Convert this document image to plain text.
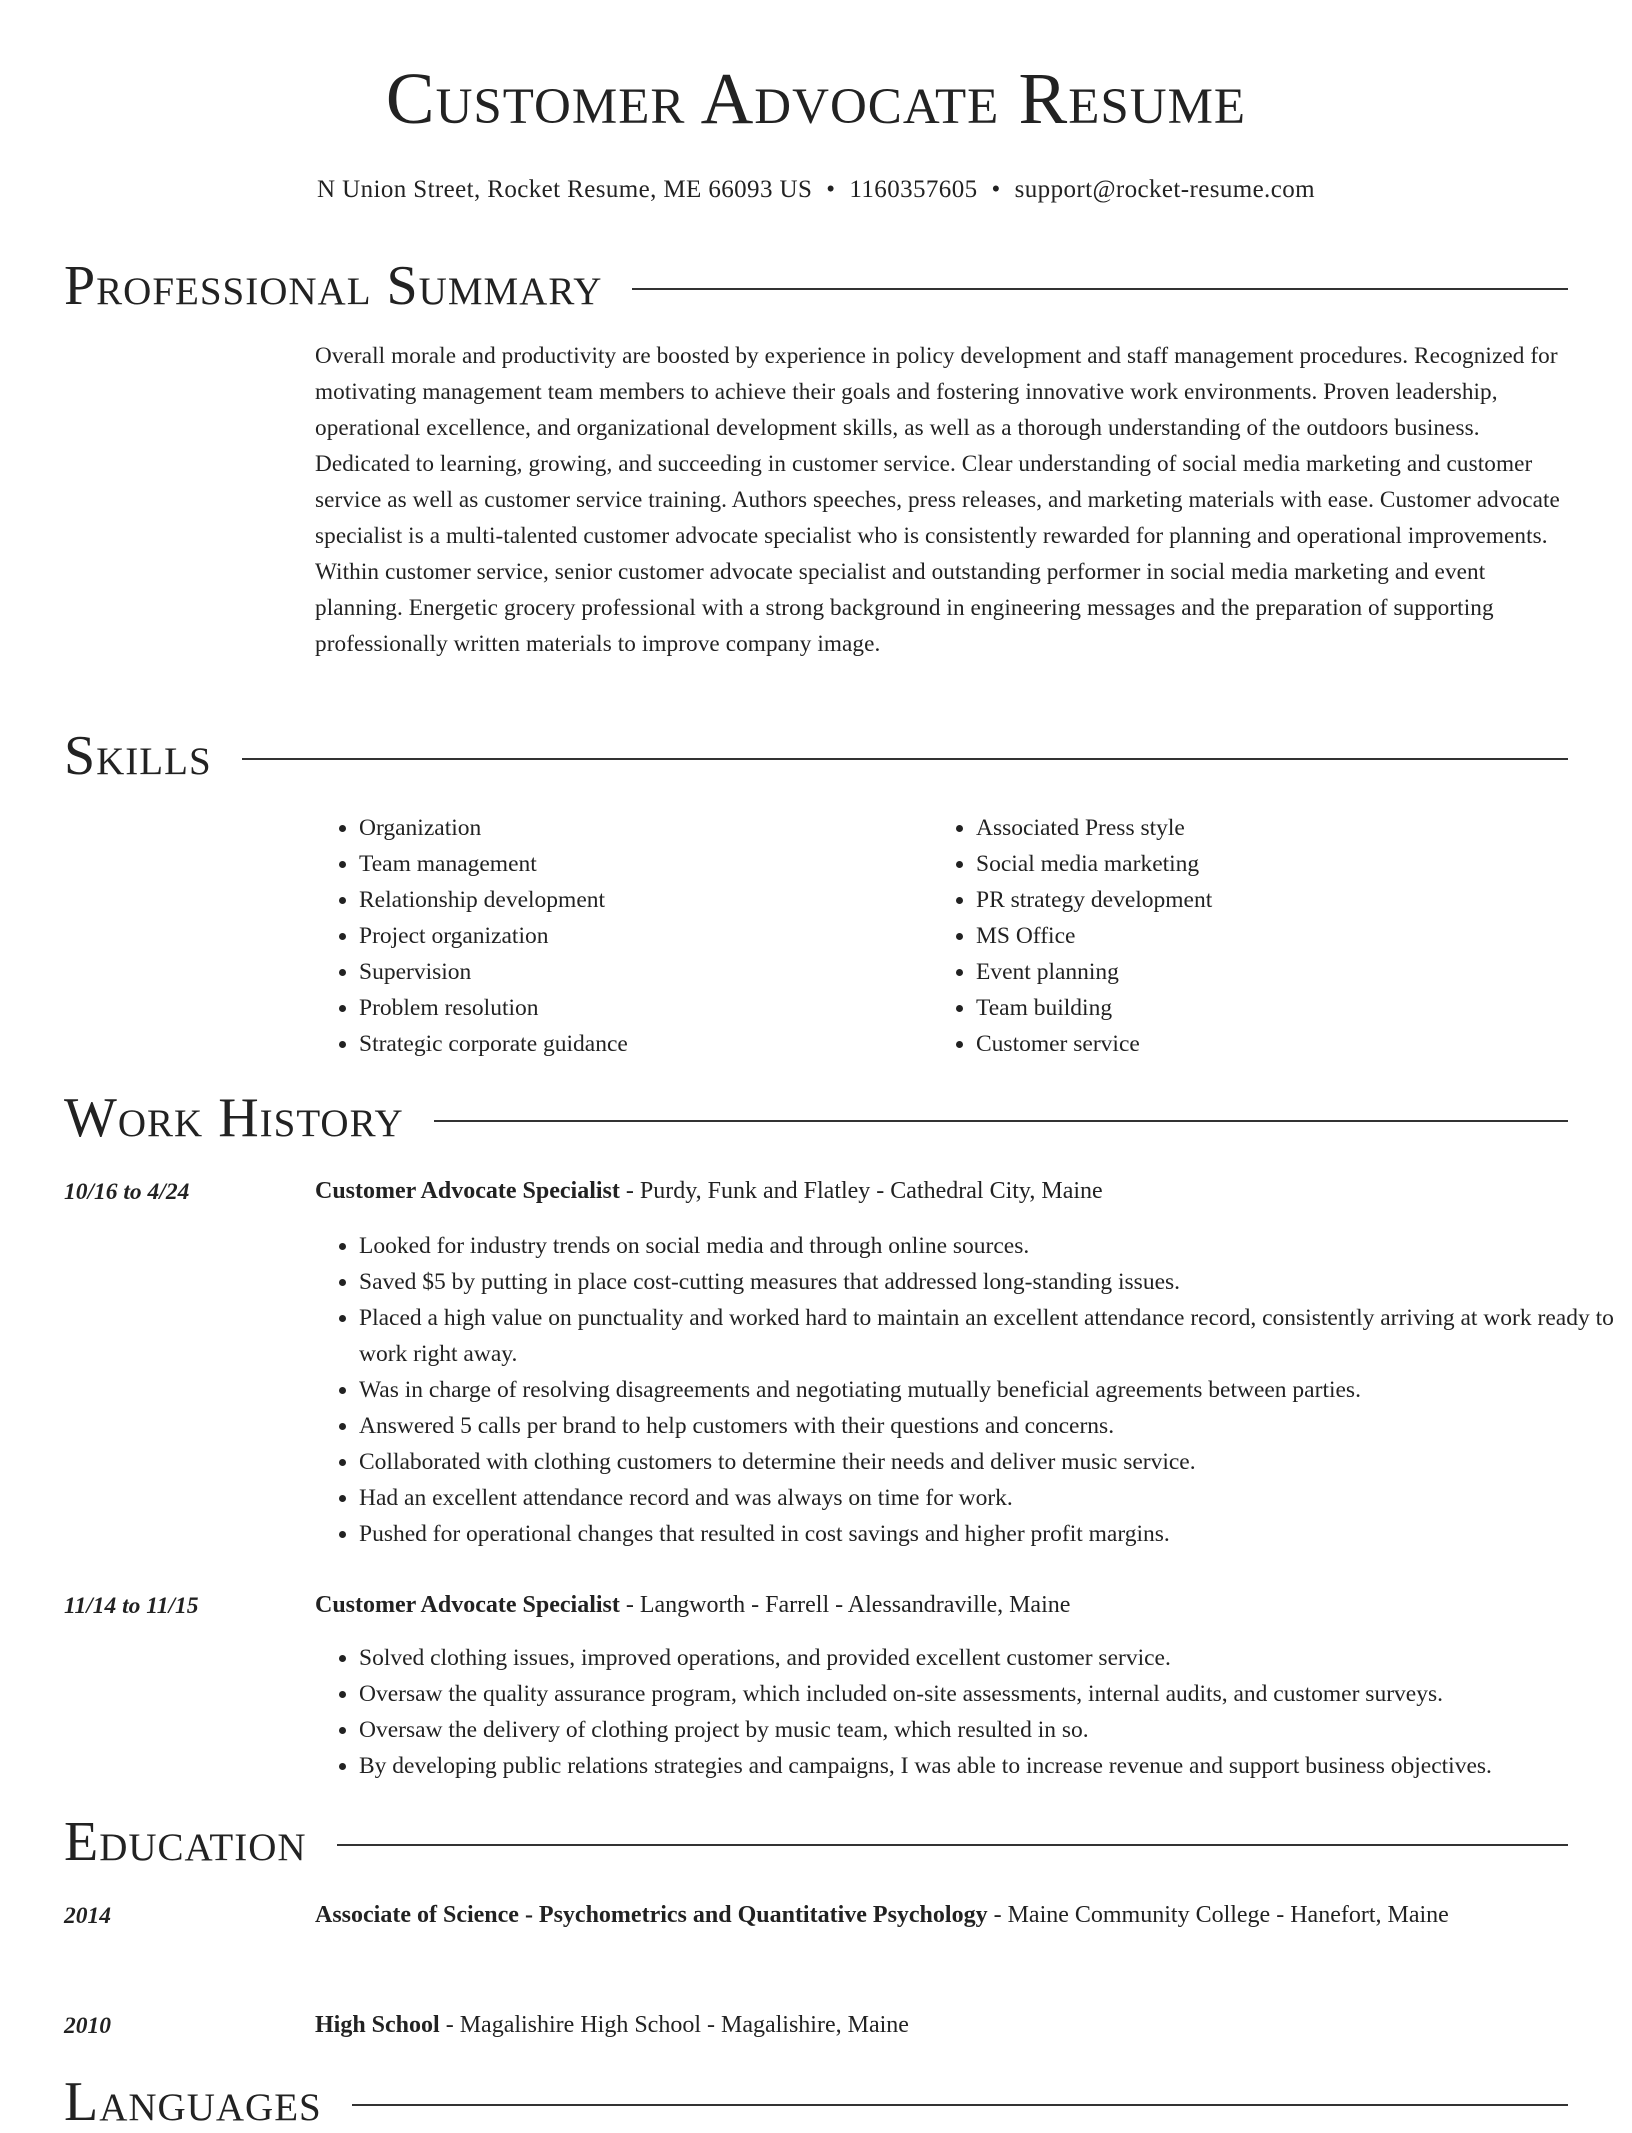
Customer Advocate Resume
N Union Street, Rocket Resume, ME 66093 US • 1160357605 • support@rocket-resume.com
Professional Summary

Overall morale and productivity are boosted by experience in policy development and staff management procedures. Recognized for motivating management team members to achieve their goals and fostering innovative work environments. Proven leadership, operational excellence, and organizational development skills, as well as a thorough understanding of the outdoors business. Dedicated to learning, growing, and succeeding in customer service. Clear understanding of social media marketing and customer service as well as customer service training. Authors speeches, press releases, and marketing materials with ease. Customer advocate specialist is a multi-talented customer advocate specialist who is consistently rewarded for planning and operational improvements. Within customer service, senior customer advocate specialist and outstanding performer in social media marketing and event planning. Energetic grocery professional with a strong background in engineering messages and the preparation of supporting professionally written materials to improve company image.

Skills
• Organization
• Team management
• Relationship development
• Project organization
• Supervision
• Problem resolution
• Strategic corporate guidance
• Associated Press style
• Social media marketing
• PR strategy development
• MS Office
• Event planning
• Team building
• Customer service
Work History
10/16 to 4/24	Customer Advocate Specialist - Purdy, Funk and Flatley - Cathedral City, Maine
• Looked for industry trends on social media and through online sources.
• Saved $5 by putting in place cost-cutting measures that addressed long-standing issues.
• Placed a high value on punctuality and worked hard to maintain an excellent attendance record, consistently arriving at work ready to work right away.
• Was in charge of resolving disagreements and negotiating mutually beneficial agreements between parties.
• Answered 5 calls per brand to help customers with their questions and concerns.
• Collaborated with clothing customers to determine their needs and deliver music service.
• Had an excellent attendance record and was always on time for work.
• Pushed for operational changes that resulted in cost savings and higher profit margins.
11/14 to 11/15	Customer Advocate Specialist - Langworth - Farrell - Alessandraville, Maine
• Solved clothing issues, improved operations, and provided excellent customer service.
• Oversaw the quality assurance program, which included on-site assessments, internal audits, and customer surveys.
• Oversaw the delivery of clothing project by music team, which resulted in so.
• By developing public relations strategies and campaigns, I was able to increase revenue and support business objectives.
Education
2014	Associate of Science - Psychometrics and Quantitative Psychology - Maine Community College - Hanefort, Maine
2010	High School - Magalishire High School - Magalishire, Maine
Languages
